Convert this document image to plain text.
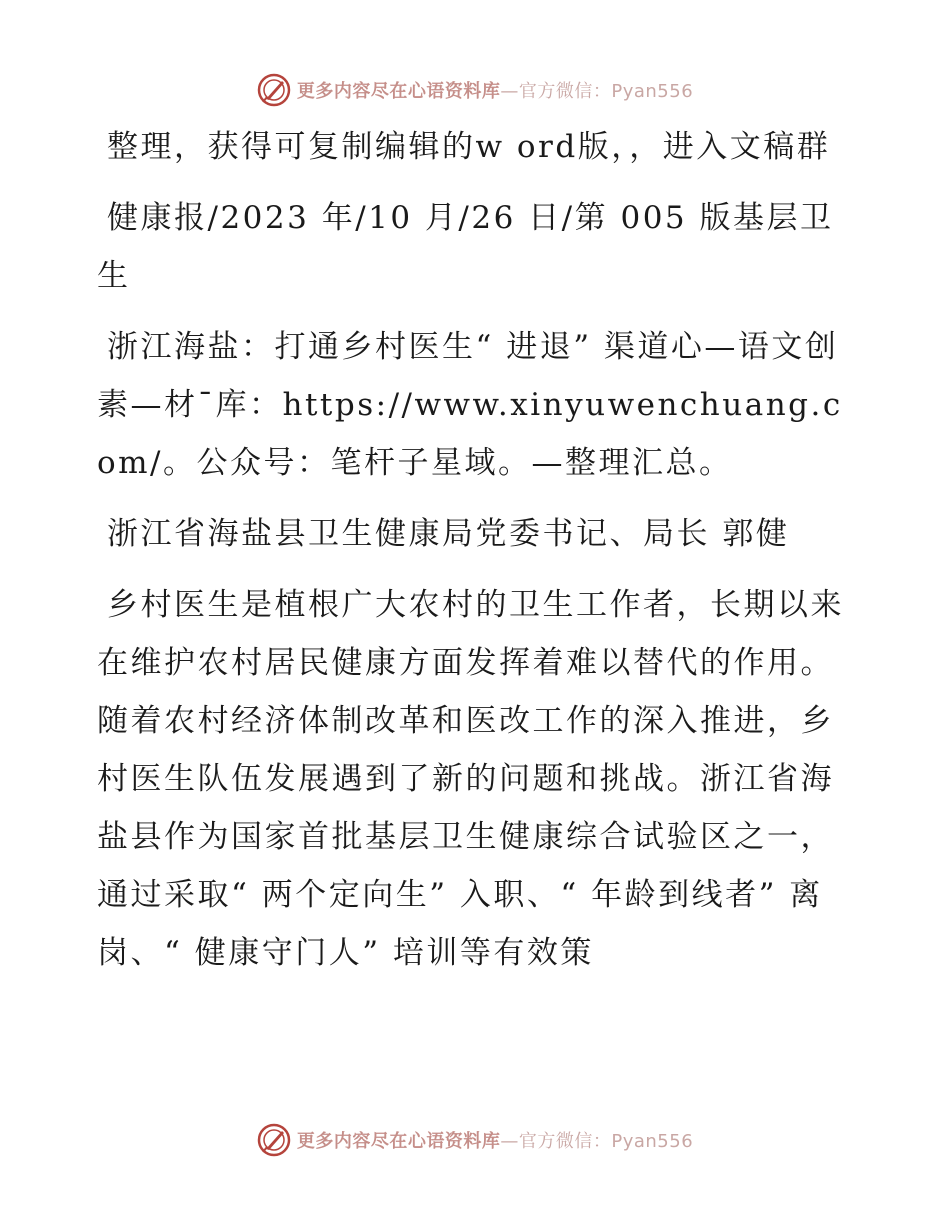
更多内容尽在心语资料库—官方微信：Pyan556

整理，获得可复制编辑的w ord版，，进入文稿群

健康报/2023 年/10 月/26 日/第 005 版基层卫生

浙江海盐：打通乡村医生“ 进退” 渠道心—语文创素—材¯库：https://www.xinyuwenchuang.com/。公众号：笔杆子星域。—整理汇总。

浙江省海盐县卫生健康局党委书记、局长 郭健

乡村医生是植根广大农村的卫生工作者，长期以来在维护农村居民健康方面发挥着难以替代的作用。随着农村经济体制改革和医改工作的深入推进，乡村医生队伍发展遇到了新的问题和挑战。浙江省海盐县作为国家首批基层卫生健康综合试验区之一，通过采取“ 两个定向生” 入职、“ 年龄到线者” 离岗、“ 健康守门人” 培训等有效策

更多内容尽在心语资料库—官方微信：Pyan556
